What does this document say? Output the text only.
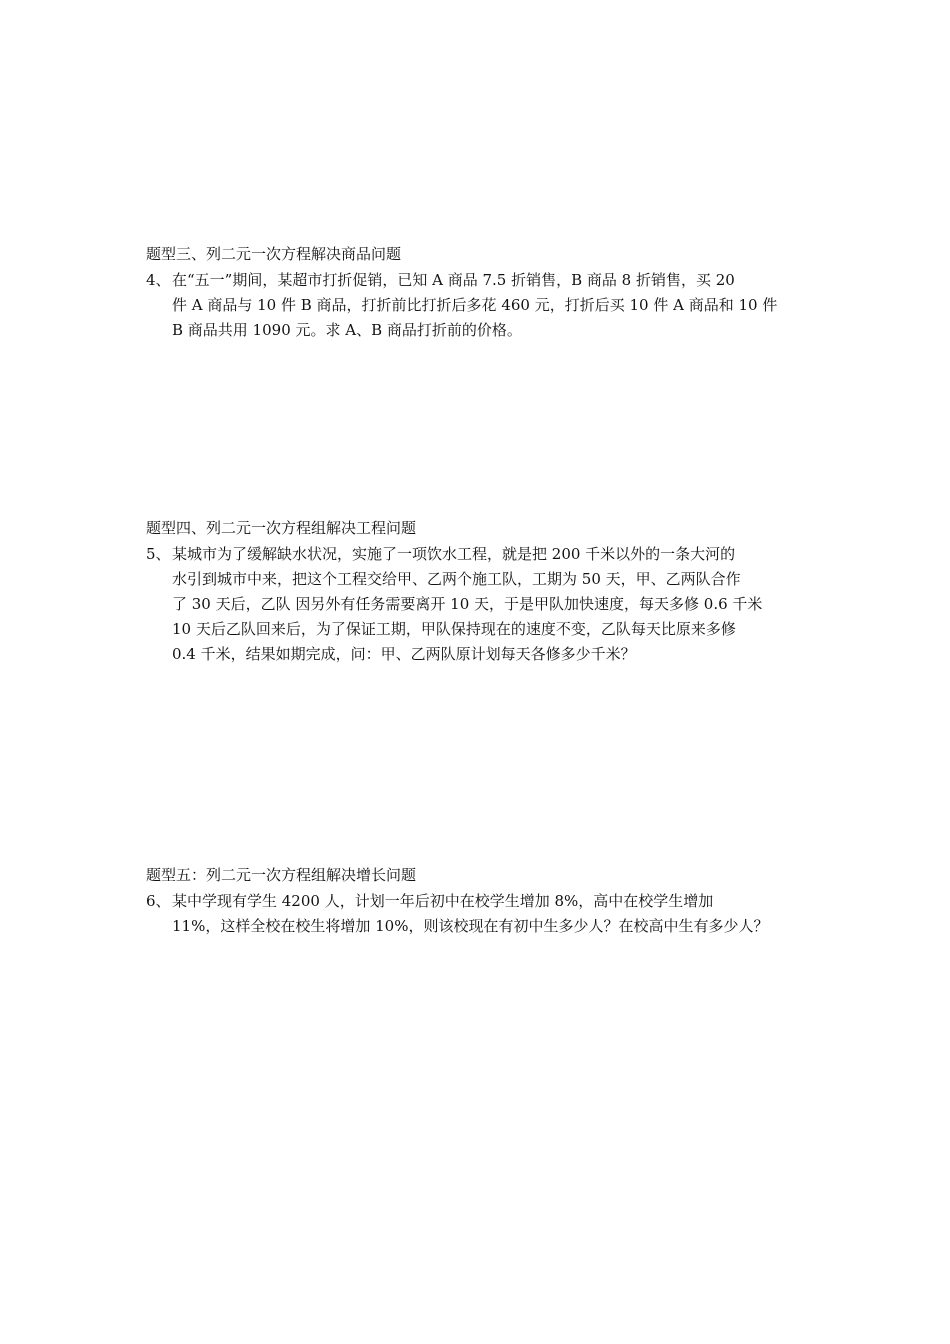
题型三、列二元一次方程解决商品问题
4、 在“五一”期间，某超市打折促销，已知 A 商品 7.5 折销售，B 商品 8 折销售，买 20
件 A 商品与 10 件 B 商品，打折前比打折后多花 460 元，打折后买 10 件 A 商品和 10 件
B 商品共用 1090 元。求 A、B 商品打折前的价格。
题型四、列二元一次方程组解决工程问题
5、 某城市为了缓解缺水状况，实施了一项饮水工程，就是把 200 千米以外的一条大河的
水引到城市中来，把这个工程交给甲、乙两个施工队，工期为 50 天，甲、乙两队合作
了 30 天后，乙队 因另外有任务需要离开 10 天，于是甲队加快速度，每天多修 0.6 千米
10 天后乙队回来后，为了保证工期，甲队保持现在的速度不变，乙队每天比原来多修
0.4 千米，结果如期完成，问：甲、乙两队原计划每天各修多少千米？
题型五：列二元一次方程组解决增长问题
6、 某中学现有学生 4200 人，计划一年后初中在校学生增加 8%，高中在校学生增加
11%，这样全校在校生将增加 10%，则该校现在有初中生多少人？在校高中生有多少人？
